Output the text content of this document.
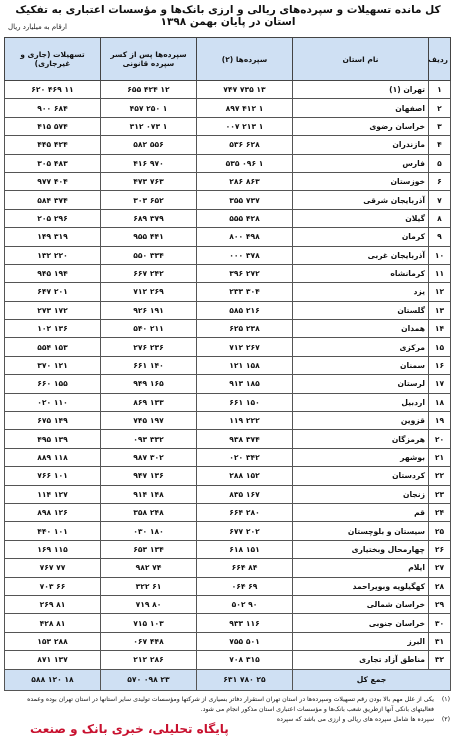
کل مانده تسهیلات و سپرده‌های ریالی و ارزی بانک‌ها و مؤسسات اعتباری به تفکیک استان در پایان بهمن ۱۳۹۸
ارقام به میلیارد ریال
ردیف	نام استان	سپرده‌ها (۲)	سپرده‌ها پس از کسر سپرده قانونی	تسهیلات (جاری و غیرجاری)
۱	تهران (۱)	۱۳ ۷۳۵ ۷۴۷	۱۲ ۴۲۴ ۶۵۵	۱۱ ۴۶۹ ۶۲۰
۲	اصفهان	۱ ۴۱۲ ۸۹۷	۱ ۲۵۰ ۴۵۷	۶۸۴ ۹۰۰
۳	خراسان رضوی	۱ ۲۱۳ ۰۰۷	۱ ۰۷۳ ۳۱۲	۵۷۴ ۴۱۵
۴	مازندران	۶۲۸ ۵۳۶	۵۵۶ ۵۸۲	۴۲۴ ۴۴۵
۵	فارس	۱ ۰۹۶ ۵۳۵	۹۷۰ ۴۱۶	۴۸۳ ۳۰۵
۶	خوزستان	۸۶۳ ۲۸۶	۷۶۳ ۴۷۳	۴۰۴ ۹۷۷
۷	آذربایجان شرقی	۷۳۷ ۳۵۵	۶۵۲ ۳۰۳	۳۷۴ ۵۸۴
۸	گیلان	۴۲۸ ۵۵۵	۳۷۹ ۶۸۹	۲۹۶ ۲۰۵
۹	کرمان	۴۹۸ ۸۰۰	۴۴۱ ۹۵۵	۳۱۹ ۱۴۹
۱۰	آذربایجان غربی	۳۷۸ ۰۰۰	۳۳۴ ۵۵۰	۲۲۰ ۱۳۲
۱۱	کرمانشاه	۲۷۲ ۳۹۶	۲۴۲ ۶۶۷	۱۹۴ ۹۴۵
۱۲	یزد	۳۰۴ ۲۳۳	۲۶۹ ۷۱۲	۲۰۱ ۶۴۷
۱۳	گلستان	۲۱۶ ۵۸۵	۱۹۱ ۹۲۶	۱۷۲ ۲۷۳
۱۴	همدان	۲۳۸ ۶۲۵	۲۱۱ ۵۴۰	۱۳۶ ۱۰۲
۱۵	مرکزی	۲۶۷ ۷۱۲	۲۳۶ ۲۷۶	۱۵۳ ۵۵۴
۱۶	سمنان	۱۵۸ ۱۲۱	۱۴۰ ۶۶۱	۱۲۱ ۳۷۰
۱۷	لرستان	۱۸۵ ۹۱۳	۱۶۵ ۹۴۹	۱۵۵ ۶۶۰
۱۸	اردبیل	۱۵۰ ۶۶۱	۱۳۳ ۸۶۹	۱۱۰ ۰۲۰
۱۹	قزوین	۲۲۲ ۱۱۹	۱۹۷ ۷۴۵	۱۴۹ ۶۷۵
۲۰	هرمزگان	۳۷۴ ۹۳۸	۳۳۲ ۰۹۳	۱۳۹ ۴۹۵
۲۱	بوشهر	۳۴۲ ۰۲۰	۳۰۲ ۹۸۷	۱۱۸ ۸۸۹
۲۲	کردستان	۱۵۲ ۲۸۸	۱۳۶ ۹۴۷	۱۰۱ ۷۶۶
۲۳	زنجان	۱۶۷ ۸۳۵	۱۴۸ ۹۱۴	۱۲۷ ۱۱۴
۲۴	قم	۲۸۰ ۶۶۴	۲۴۸ ۳۵۸	۱۲۶ ۸۹۸
۲۵	سیستان و بلوچستان	۲۰۲ ۶۷۷	۱۸۰ ۰۳۰	۱۰۱ ۴۴۰
۲۶	چهارمحال وبختیاری	۱۵۱ ۶۱۸	۱۳۴ ۶۵۳	۱۱۵ ۱۶۹
۲۷	ایلام	۸۴ ۶۶۴	۷۴ ۹۸۲	۷۷ ۷۶۷
۲۸	کهگیلویه وبویراحمد	۶۹ ۰۶۴	۶۱ ۳۲۲	۶۶ ۷۰۳
۲۹	خراسان شمالی	۹۰ ۵۰۲	۸۰ ۷۱۹	۸۱ ۲۶۹
۳۰	خراسان جنوبی	۱۱۶ ۹۳۳	۱۰۳ ۷۱۵	۸۱ ۴۲۸
۳۱	البرز	۵۰۱ ۷۵۵	۴۴۸ ۰۶۷	۲۸۸ ۱۵۳
۳۲	مناطق آزاد تجاری	۳۱۵ ۷۰۸	۲۸۶ ۲۱۲	۱۳۷ ۸۷۱
جمع کل		۲۵ ۷۸۰ ۶۳۱	۲۳ ۰۹۸ ۵۷۰	۱۸ ۱۲۰ ۵۸۸
(۱)
یکی از علل مهم بالا بودن رقم تسهیلات وسپرده‌ها در استان تهران استقرار دفاتر بسیاری از شرکتها ومؤسسات تولیدی سایر استانها در استان تهران بوده وعمده فعالیتهای بانکی آنها ازطریق شعب بانک‌ها و مؤسسات اعتباری استان مذکور انجام می شود.
(۲)
سپرده ها شامل سپرده های ریالی و ارزی می باشد که سپرده
پایگاه تحلیلی، خبری بانک و صنعت
